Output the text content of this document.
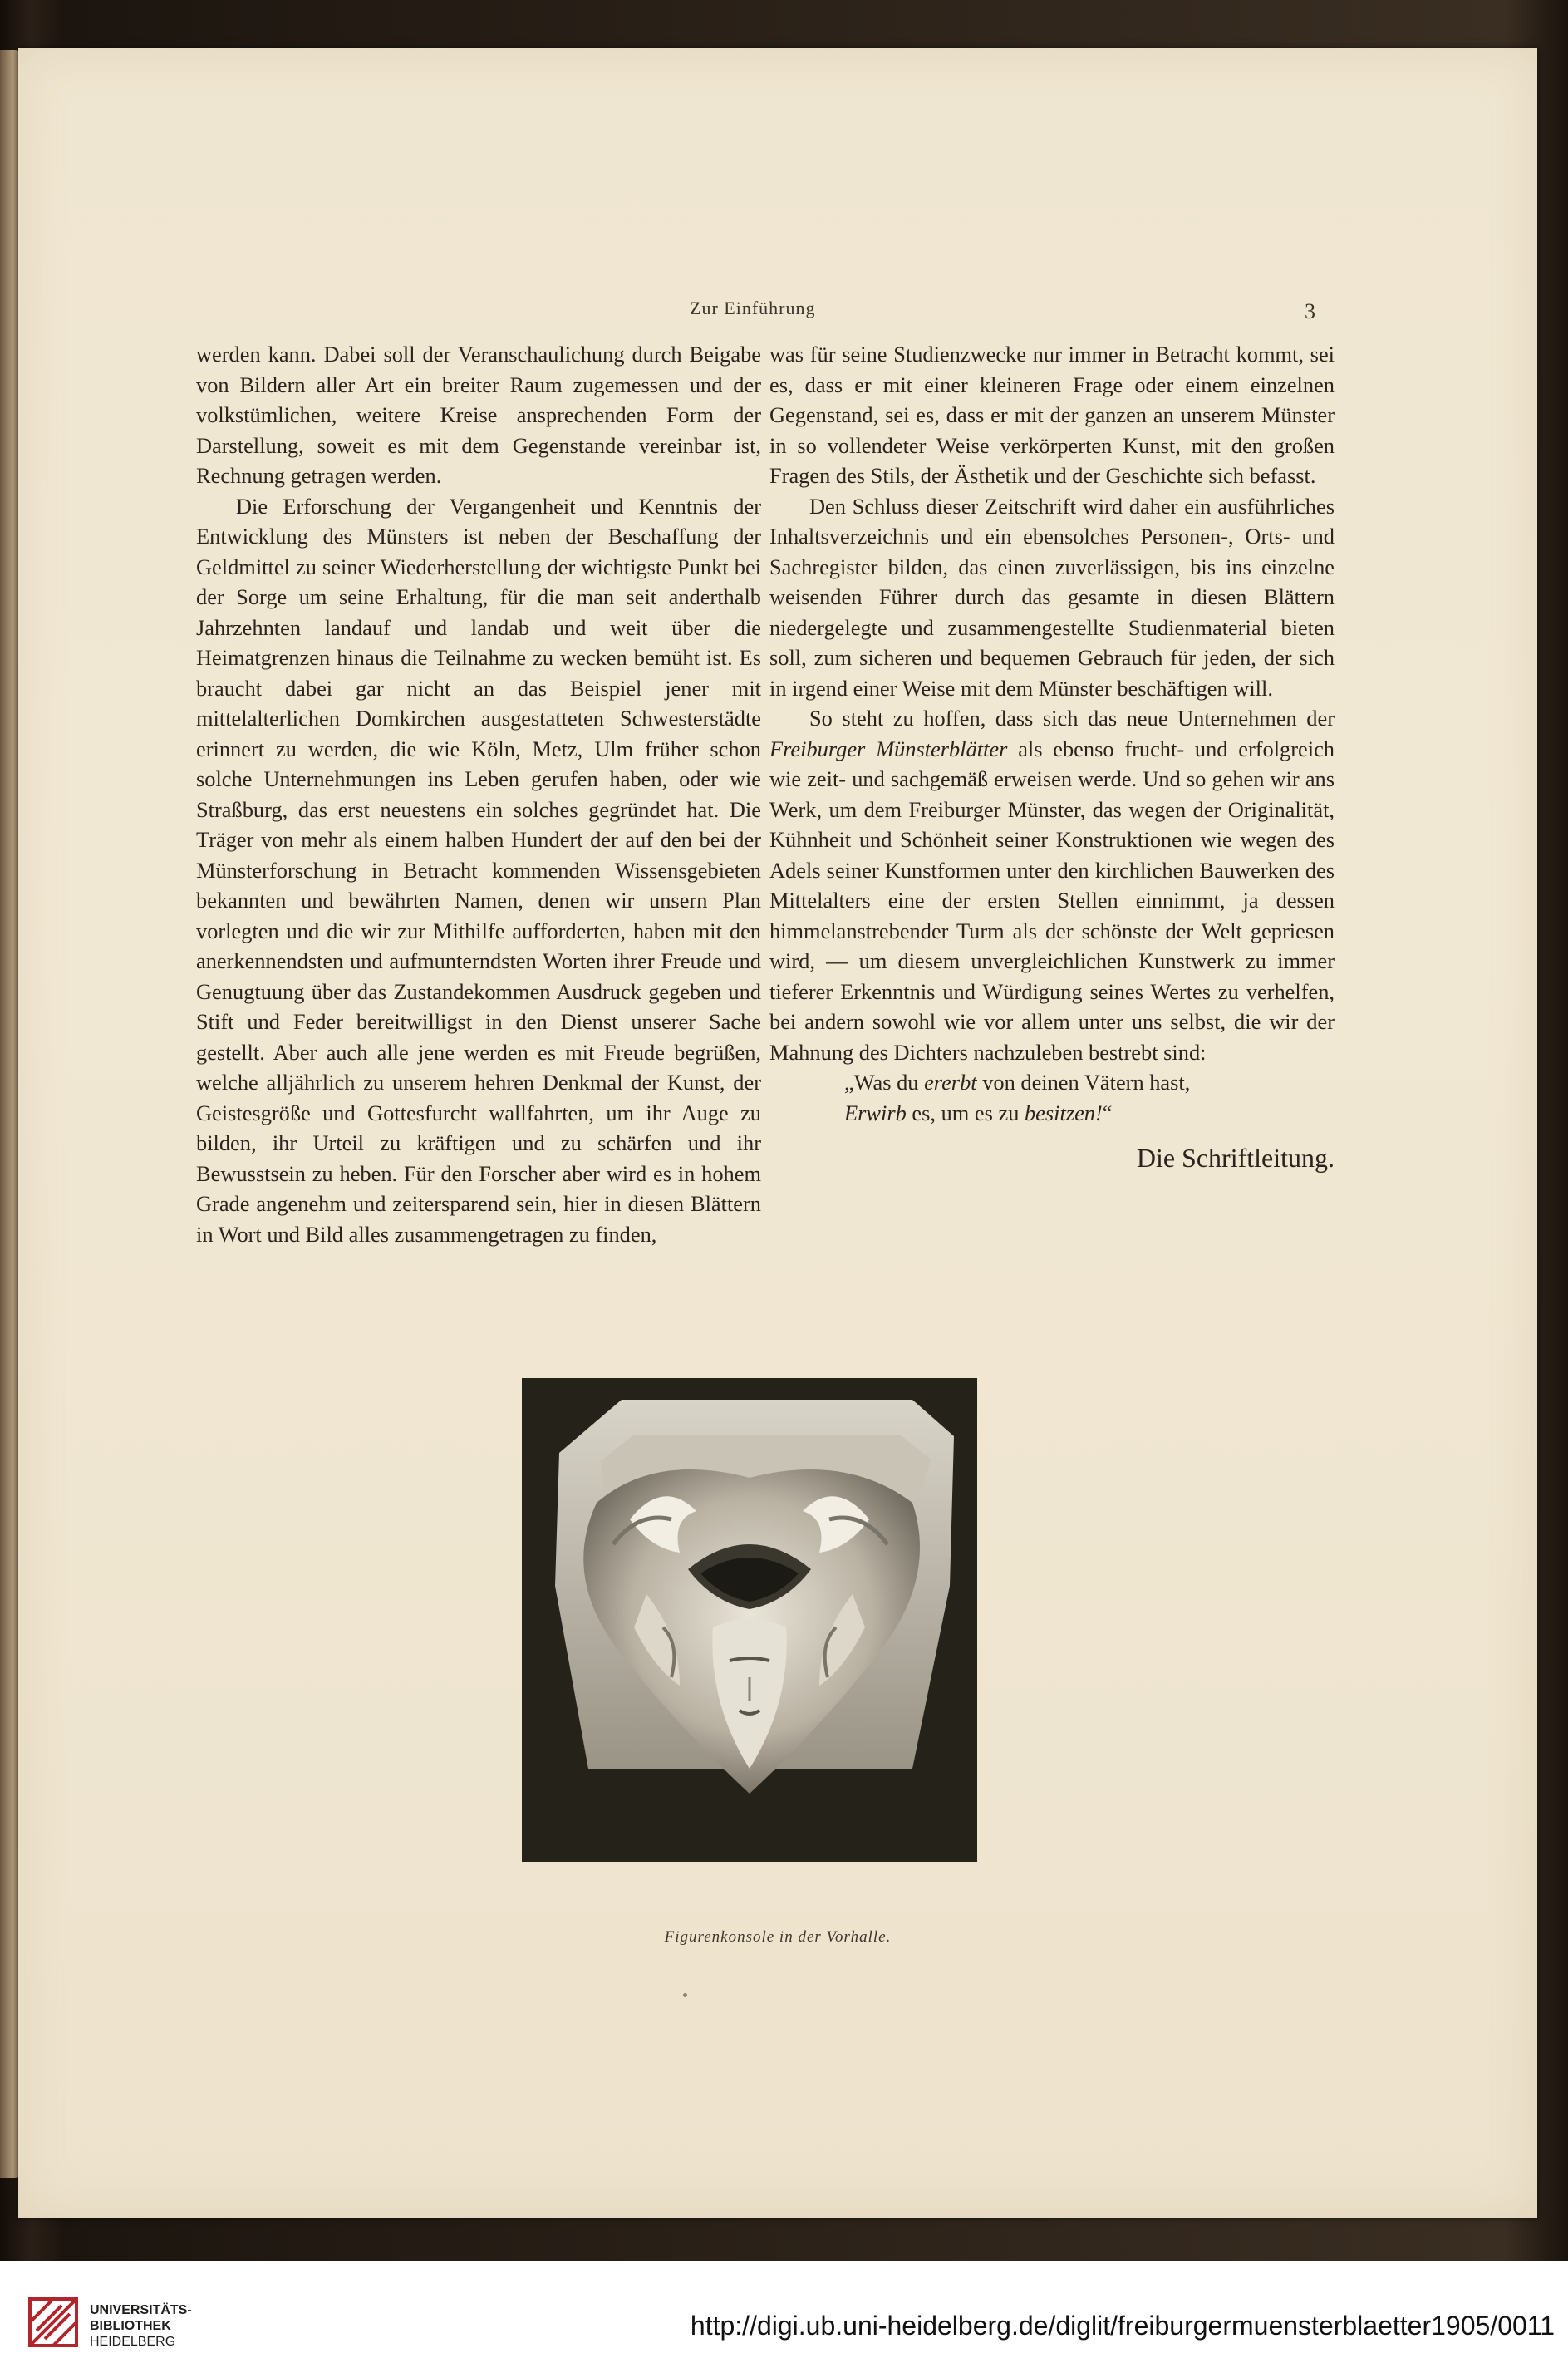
Zur Einführung	3

werden kann. Dabei soll der Veranschaulichung durch Beigabe von Bildern aller Art ein breiter Raum zugemessen und der volkstümlichen, weitere Kreise ansprechenden Form der Darstellung, soweit es mit dem Gegenstande vereinbar ist, Rechnung getragen werden.

Die Erforschung der Vergangenheit und Kenntnis der Entwicklung des Münsters ist neben der Beschaffung der Geldmittel zu seiner Wiederherstellung der wichtigste Punkt bei der Sorge um seine Erhaltung, für die man seit anderthalb Jahrzehnten landauf und landab und weit über die Heimatgrenzen hinaus die Teilnahme zu wecken bemüht ist. Es braucht dabei gar nicht an das Beispiel jener mit mittelalterlichen Domkirchen ausgestatteten Schwesterstädte erinnert zu werden, die wie Köln, Metz, Ulm früher schon solche Unternehmungen ins Leben gerufen haben, oder wie Straßburg, das erst neuestens ein solches gegründet hat. Die Träger von mehr als einem halben Hundert der auf den bei der Münsterforschung in Betracht kommenden Wissensgebieten bekannten und bewährten Namen, denen wir unsern Plan vorlegten und die wir zur Mithilfe aufforderten, haben mit den anerkennendsten und aufmunterndsten Worten ihrer Freude und Genugtuung über das Zustandekommen Ausdruck gegeben und Stift und Feder bereitwilligst in den Dienst unserer Sache gestellt. Aber auch alle jene werden es mit Freude begrüßen, welche alljährlich zu unserem hehren Denkmal der Kunst, der Geistesgröße und Gottesfurcht wallfahrten, um ihr Auge zu bilden, ihr Urteil zu kräftigen und zu schärfen und ihr Bewusstsein zu heben. Für den Forscher aber wird es in hohem Grade angenehm und zeitersparend sein, hier in diesen Blättern in Wort und Bild alles zusammengetragen zu finden,

was für seine Studienzwecke nur immer in Betracht kommt, sei es, dass er mit einer kleineren Frage oder einem einzelnen Gegenstand, sei es, dass er mit der ganzen an unserem Münster in so vollendeter Weise verkörperten Kunst, mit den großen Fragen des Stils, der Ästhetik und der Geschichte sich befasst.

Den Schluss dieser Zeitschrift wird daher ein ausführliches Inhaltsverzeichnis und ein ebensolches Personen-, Orts- und Sachregister bilden, das einen zuverlässigen, bis ins einzelne weisenden Führer durch das gesamte in diesen Blättern niedergelegte und zusammengestellte Studienmaterial bieten soll, zum sicheren und bequemen Gebrauch für jeden, der sich in irgend einer Weise mit dem Münster beschäftigen will.

So steht zu hoffen, dass sich das neue Unternehmen der Freiburger Münsterblätter als ebenso frucht- und erfolgreich wie zeit- und sachgemäß erweisen werde. Und so gehen wir ans Werk, um dem Freiburger Münster, das wegen der Originalität, Kühnheit und Schönheit seiner Konstruktionen wie wegen des Adels seiner Kunstformen unter den kirchlichen Bauwerken des Mittelalters eine der ersten Stellen einnimmt, ja dessen himmelanstrebender Turm als der schönste der Welt gepriesen wird, — um diesem unvergleichlichen Kunstwerk zu immer tieferer Erkenntnis und Würdigung seines Wertes zu verhelfen, bei andern sowohl wie vor allem unter uns selbst, die wir der Mahnung des Dichters nachzuleben bestrebt sind:

„Was du ererbt von deinen Vätern hast,
Erwirb es, um es zu besitzen!“
Die Schriftleitung.
Figurenkonsole in der Vorhalle.
UNIVERSITÄTS-
BIBLIOTHEK
HEIDELBERG
http://digi.ub.uni-heidelberg.de/diglit/freiburgermuensterblaetter1905/0011
